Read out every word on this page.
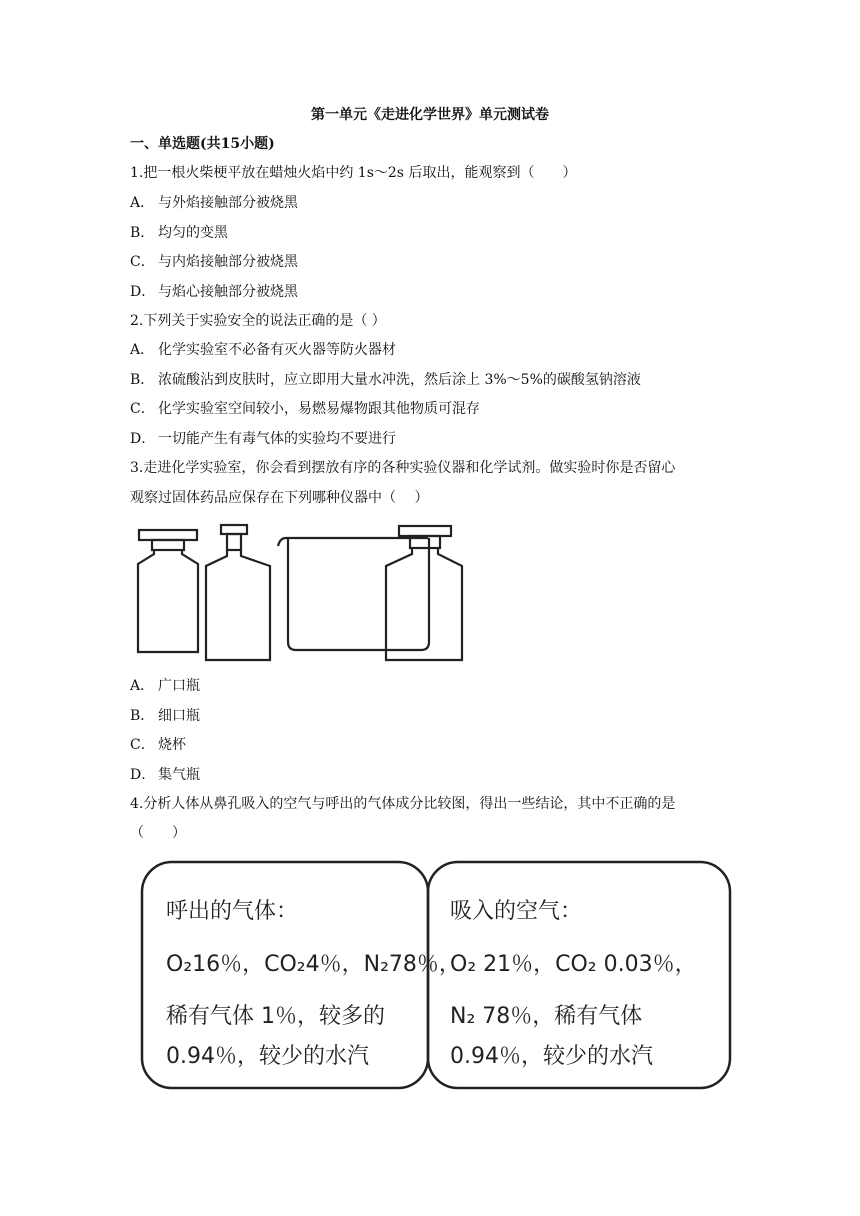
第一单元《走进化学世界》单元测试卷
一、单选题(共15小题)
1.把一根火柴梗平放在蜡烛火焰中约 1s～2s 后取出，能观察到（　　）
A． 与外焰接触部分被烧黑
B． 均匀的变黑
C． 与内焰接触部分被烧黑
D． 与焰心接触部分被烧黑
2.下列关于实验安全的说法正确的是（ ）
A． 化学实验室不必备有灭火器等防火器材
B． 浓硫酸沾到皮肤时，应立即用大量水冲洗，然后涂上 3%～5%的碳酸氢钠溶液
C． 化学实验室空间较小，易燃易爆物跟其他物质可混存
D． 一切能产生有毒气体的实验均不要进行
3.走进化学实验室，你会看到摆放有序的各种实验仪器和化学试剂。做实验时你是否留心
观察过固体药品应保存在下列哪种仪器中（　 ）
A． 广口瓶
B． 细口瓶
C． 烧杯
D． 集气瓶
4.分析人体从鼻孔吸入的空气与呼出的气体成分比较图，得出一些结论，其中不正确的是
（　　）
呼出的气体：
O₂16％，CO₂4％，N₂78％，
稀有气体 1％，较多的
0.94％，较少的水汽
吸入的空气：
O₂ 21％，CO₂ 0.03％，
N₂ 78％，稀有气体
0.94％，较少的水汽
